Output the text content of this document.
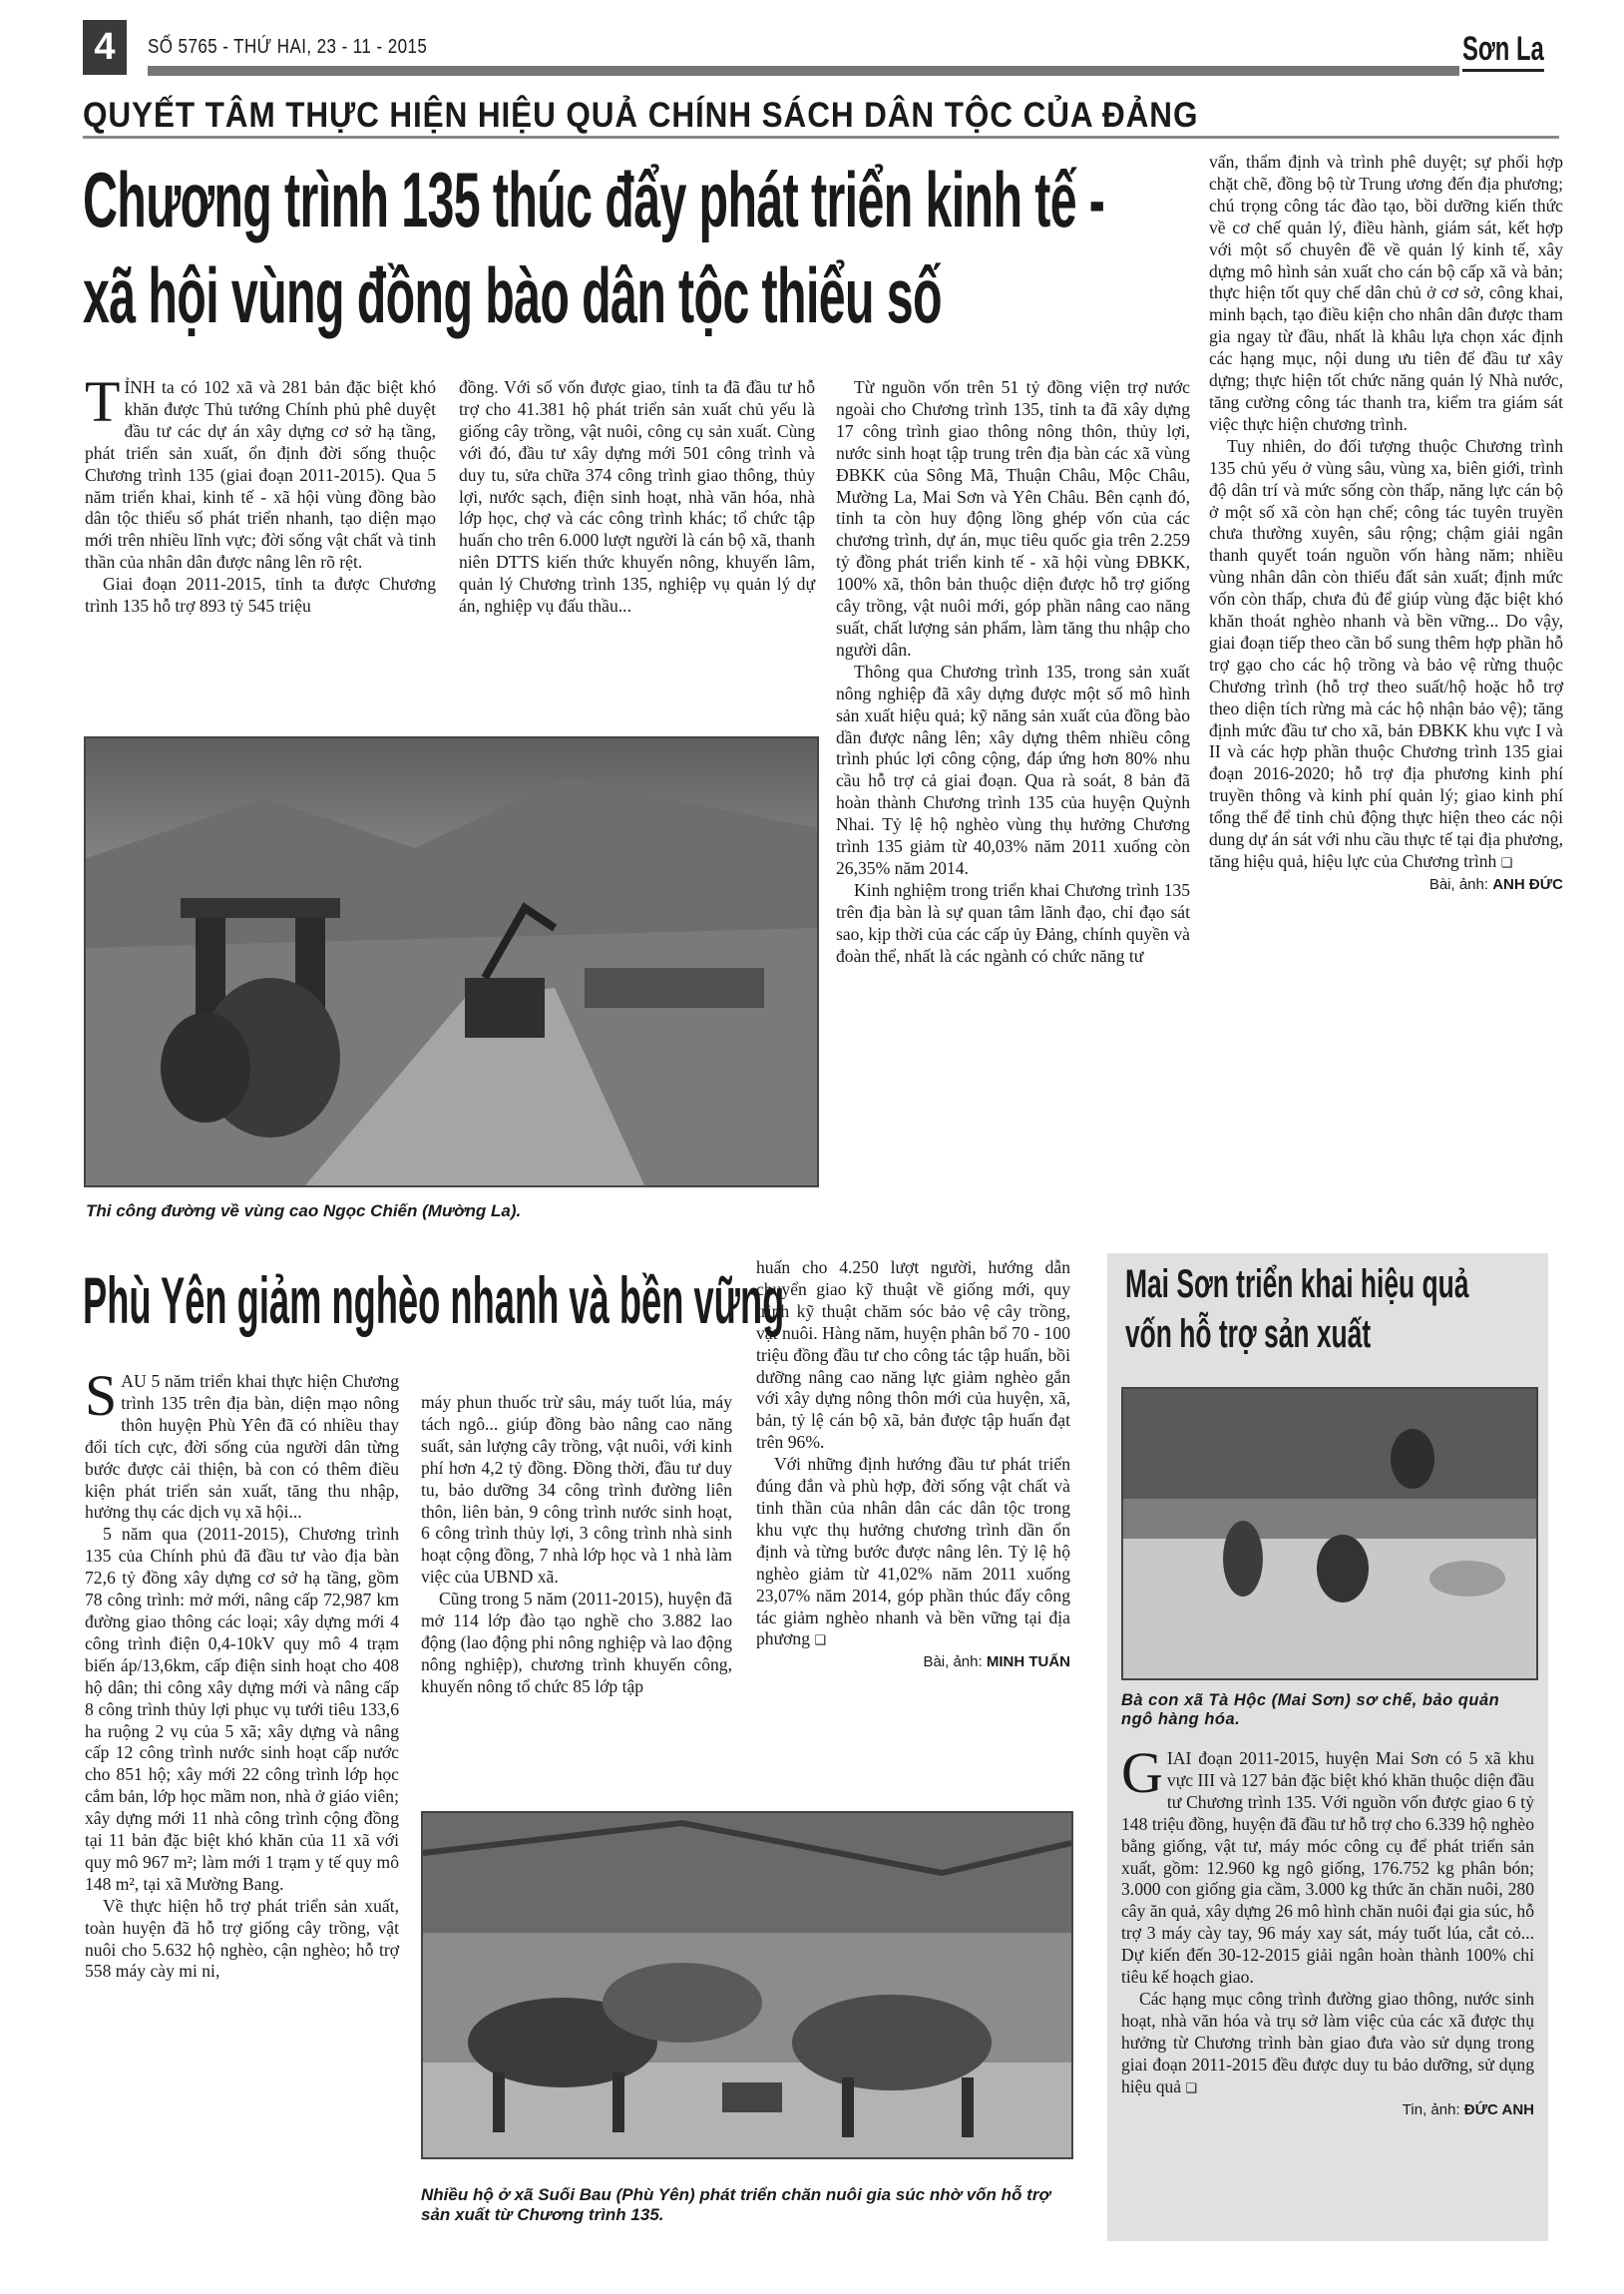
4	SỐ 5765 - THỨ HAI, 23 - 11 - 2015	Sơn La
QUYẾT TÂM THỰC HIỆN HIỆU QUẢ CHÍNH SÁCH DÂN TỘC CỦA ĐẢNG
Chương trình 135 thúc đẩy phát triển kinh tế -
xã hội vùng đồng bào dân tộc thiểu số

TỈNH ta có 102 xã và 281 bản đặc biệt khó khăn được Thủ tướng Chính phủ phê duyệt đầu tư các dự án xây dựng cơ sở hạ tầng, phát triển sản xuất, ổn định đời sống thuộc Chương trình 135 (giai đoạn 2011-2015). Qua 5 năm triển khai, kinh tế - xã hội vùng đồng bào dân tộc thiểu số phát triển nhanh, tạo diện mạo mới trên nhiều lĩnh vực; đời sống vật chất và tinh thần của nhân dân được nâng lên rõ rệt.

Giai đoạn 2011-2015, tỉnh ta được Chương trình 135 hỗ trợ 893 tỷ 545 triệu

đồng. Với số vốn được giao, tỉnh ta đã đầu tư hỗ trợ cho 41.381 hộ phát triển sản xuất chủ yếu là giống cây trồng, vật nuôi, công cụ sản xuất. Cùng với đó, đầu tư xây dựng mới 501 công trình và duy tu, sửa chữa 374 công trình giao thông, thủy lợi, nước sạch, điện sinh hoạt, nhà văn hóa, nhà lớp học, chợ và các công trình khác; tổ chức tập huấn cho trên 6.000 lượt người là cán bộ xã, thanh niên DTTS kiến thức khuyến nông, khuyến lâm, quản lý Chương trình 135, nghiệp vụ quản lý dự án, nghiệp vụ đấu thầu...

Thi công đường về vùng cao Ngọc Chiến (Mường La).

Từ nguồn vốn trên 51 tỷ đồng viện trợ nước ngoài cho Chương trình 135, tỉnh ta đã xây dựng 17 công trình giao thông nông thôn, thủy lợi, nước sinh hoạt tập trung trên địa bàn các xã vùng ĐBKK của Sông Mã, Thuận Châu, Mộc Châu, Mường La, Mai Sơn và Yên Châu. Bên cạnh đó, tỉnh ta còn huy động lồng ghép vốn của các chương trình, dự án, mục tiêu quốc gia trên 2.259 tỷ đồng phát triển kinh tế - xã hội vùng ĐBKK, 100% xã, thôn bản thuộc diện được hỗ trợ giống cây trồng, vật nuôi mới, góp phần nâng cao năng suất, chất lượng sản phẩm, làm tăng thu nhập cho người dân.

Thông qua Chương trình 135, trong sản xuất nông nghiệp đã xây dựng được một số mô hình sản xuất hiệu quả; kỹ năng sản xuất của đồng bào dần được nâng lên; xây dựng thêm nhiều công trình phúc lợi công cộng, đáp ứng hơn 80% nhu cầu hỗ trợ cả giai đoạn. Qua rà soát, 8 bản đã hoàn thành Chương trình 135 của huyện Quỳnh Nhai. Tỷ lệ hộ nghèo vùng thụ hưởng Chương trình 135 giảm từ 40,03% năm 2011 xuống còn 26,35% năm 2014.

Kinh nghiệm trong triển khai Chương trình 135 trên địa bàn là sự quan tâm lãnh đạo, chỉ đạo sát sao, kịp thời của các cấp ủy Đảng, chính quyền và đoàn thể, nhất là các ngành có chức năng tư

vấn, thẩm định và trình phê duyệt; sự phối hợp chặt chẽ, đồng bộ từ Trung ương đến địa phương; chú trọng công tác đào tạo, bồi dưỡng kiến thức về cơ chế quản lý, điều hành, giám sát, kết hợp với một số chuyên đề về quản lý kinh tế, xây dựng mô hình sản xuất cho cán bộ cấp xã và bản; thực hiện tốt quy chế dân chủ ở cơ sở, công khai, minh bạch, tạo điều kiện cho nhân dân được tham gia ngay từ đầu, nhất là khâu lựa chọn xác định các hạng mục, nội dung ưu tiên để đầu tư xây dựng; thực hiện tốt chức năng quản lý Nhà nước, tăng cường công tác thanh tra, kiểm tra giám sát việc thực hiện chương trình.

Tuy nhiên, do đối tượng thuộc Chương trình 135 chủ yếu ở vùng sâu, vùng xa, biên giới, trình độ dân trí và mức sống còn thấp, năng lực cán bộ ở một số xã còn hạn chế; công tác tuyên truyền chưa thường xuyên, sâu rộng; chậm giải ngân thanh quyết toán nguồn vốn hàng năm; nhiều vùng nhân dân còn thiếu đất sản xuất; định mức vốn còn thấp, chưa đủ để giúp vùng đặc biệt khó khăn thoát nghèo nhanh và bền vững... Do vậy, giai đoạn tiếp theo cần bổ sung thêm hợp phần hỗ trợ gạo cho các hộ trồng và bảo vệ rừng thuộc Chương trình (hỗ trợ theo suất/hộ hoặc hỗ trợ theo diện tích rừng mà các hộ nhận bảo vệ); tăng định mức đầu tư cho xã, bản ĐBKK khu vực I và II và các hợp phần thuộc Chương trình 135 giai đoạn 2016-2020; hỗ trợ địa phương kinh phí truyền thông và kinh phí quản lý; giao kinh phí tổng thể để tỉnh chủ động thực hiện theo các nội dung dự án sát với nhu cầu thực tế tại địa phương, tăng hiệu quả, hiệu lực của Chương trình ❑
Bài, ảnh: ANH ĐỨC

Phù Yên giảm nghèo nhanh và bền vững

SAU 5 năm triển khai thực hiện Chương trình 135 trên địa bàn, diện mạo nông thôn huyện Phù Yên đã có nhiều thay đổi tích cực, đời sống của người dân từng bước được cải thiện, bà con có thêm điều kiện phát triển sản xuất, tăng thu nhập, hưởng thụ các dịch vụ xã hội...

5 năm qua (2011-2015), Chương trình 135 của Chính phủ đã đầu tư vào địa bàn 72,6 tỷ đồng xây dựng cơ sở hạ tầng, gồm 78 công trình: mở mới, nâng cấp 72,987 km đường giao thông các loại; xây dựng mới 4 công trình điện 0,4-10kV quy mô 4 trạm biến áp/13,6km, cấp điện sinh hoạt cho 408 hộ dân; thi công xây dựng mới và nâng cấp 8 công trình thủy lợi phục vụ tưới tiêu 133,6 ha ruộng 2 vụ của 5 xã; xây dựng và nâng cấp 12 công trình nước sinh hoạt cấp nước cho 851 hộ; xây mới 22 công trình lớp học cắm bản, lớp học mầm non, nhà ở giáo viên; xây dựng mới 11 nhà công trình cộng đồng tại 11 bản đặc biệt khó khăn của 11 xã với quy mô 967 m²; làm mới 1 trạm y tế quy mô 148 m², tại xã Mường Bang.

Về thực hiện hỗ trợ phát triển sản xuất, toàn huyện đã hỗ trợ giống cây trồng, vật nuôi cho 5.632 hộ nghèo, cận nghèo; hỗ trợ 558 máy cày mi ni,

máy phun thuốc trừ sâu, máy tuốt lúa, máy tách ngô... giúp đồng bào nâng cao năng suất, sản lượng cây trồng, vật nuôi, với kinh phí hơn 4,2 tỷ đồng. Đồng thời, đầu tư duy tu, bảo dưỡng 34 công trình đường liên thôn, liên bản, 9 công trình nước sinh hoạt, 6 công trình thủy lợi, 3 công trình nhà sinh hoạt cộng đồng, 7 nhà lớp học và 1 nhà làm việc của UBND xã.

Cũng trong 5 năm (2011-2015), huyện đã mở 114 lớp đào tạo nghề cho 3.882 lao động (lao động phi nông nghiệp và lao động nông nghiệp), chương trình khuyến công, khuyến nông tổ chức 85 lớp tập

huấn cho 4.250 lượt người, hướng dẫn chuyển giao kỹ thuật về giống mới, quy trình kỹ thuật chăm sóc bảo vệ cây trồng, vật nuôi. Hàng năm, huyện phân bổ 70 - 100 triệu đồng đầu tư cho công tác tập huấn, bồi dưỡng nâng cao năng lực giảm nghèo gắn với xây dựng nông thôn mới của huyện, xã, bản, tỷ lệ cán bộ xã, bản được tập huấn đạt trên 96%.

Với những định hướng đầu tư phát triển đúng đắn và phù hợp, đời sống vật chất và tinh thần của nhân dân các dân tộc trong khu vực thụ hưởng chương trình dần ổn định và từng bước được nâng lên. Tỷ lệ hộ nghèo giảm từ 41,02% năm 2011 xuống 23,07% năm 2014, góp phần thúc đẩy công tác giảm nghèo nhanh và bền vững tại địa phương ❑

Bài, ảnh: MINH TUẤN
Nhiều hộ ở xã Suối Bau (Phù Yên) phát triển chăn nuôi gia súc nhờ vốn hỗ trợ sản xuất từ Chương trình 135.
Mai Sơn triển khai hiệu quả
vốn hỗ trợ sản xuất
Bà con xã Tà Hộc (Mai Sơn) sơ chế, bảo quản ngô hàng hóa.

GIAI đoạn 2011-2015, huyện Mai Sơn có 5 xã khu vực III và 127 bản đặc biệt khó khăn thuộc diện đầu tư Chương trình 135. Với nguồn vốn được giao 6 tỷ 148 triệu đồng, huyện đã đầu tư hỗ trợ cho 6.339 hộ nghèo bằng giống, vật tư, máy móc công cụ để phát triển sản xuất, gồm: 12.960 kg ngô giống, 176.752 kg phân bón; 3.000 con giống gia cầm, 3.000 kg thức ăn chăn nuôi, 280 cây ăn quả, xây dựng 26 mô hình chăn nuôi đại gia súc, hỗ trợ 3 máy cày tay, 96 máy xay sát, máy tuốt lúa, cắt cỏ... Dự kiến đến 30-12-2015 giải ngân hoàn thành 100% chỉ tiêu kế hoạch giao.

Các hạng mục công trình đường giao thông, nước sinh hoạt, nhà văn hóa và trụ sở làm việc của các xã được thụ hưởng từ Chương trình bàn giao đưa vào sử dụng trong giai đoạn 2011-2015 đều được duy tu bảo dưỡng, sử dụng hiệu quả ❑

Tin, ảnh: ĐỨC ANH
